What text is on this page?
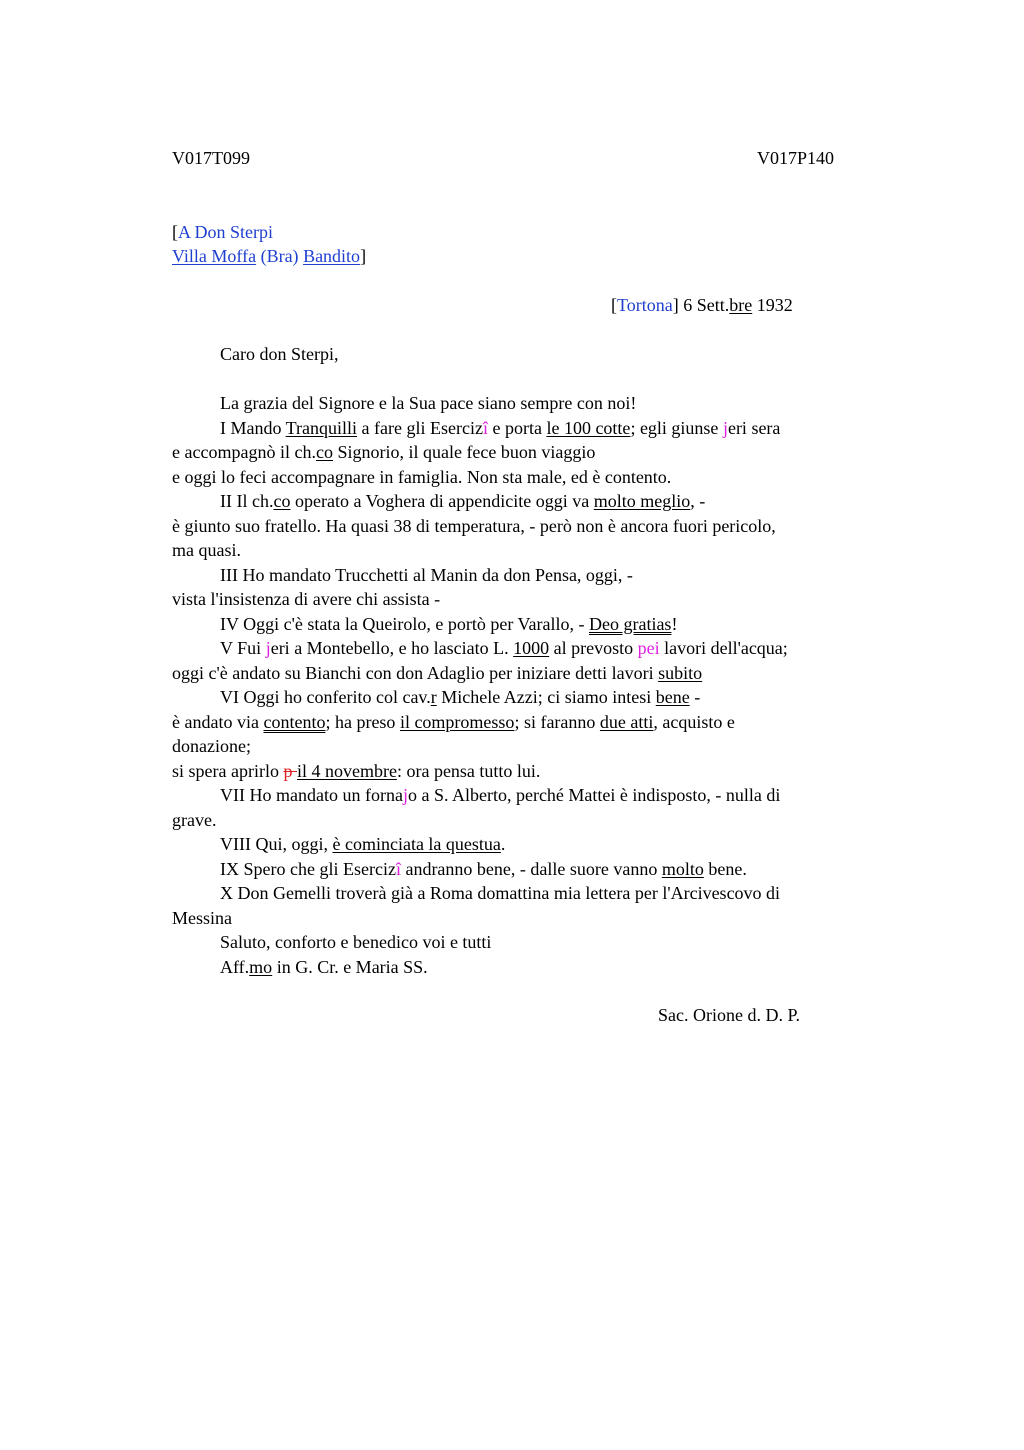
V017T099	V017P140
[A Don Sterpi
Villa Moffa (Bra) Bandito]
[Tortona] 6 Sett.bre 1932
Caro don Sterpi,
La grazia del Signore e la Sua pace siano sempre con noi!
I Mando Tranquilli a fare gli Esercizî e porta le 100 cotte; egli giunse jeri sera
e accompagnò il ch.co Signorio, il quale fece buon viaggio
e oggi lo feci accompagnare in famiglia. Non sta male, ed è contento.
II Il ch.co operato a Voghera di appendicite oggi va molto meglio, -
è giunto suo fratello. Ha quasi 38 di temperatura, - però non è ancora fuori pericolo,
ma quasi.
III Ho mandato Trucchetti al Manin da don Pensa, oggi, -
vista l'insistenza di avere chi assista -
IV Oggi c'è stata la Queirolo, e portò per Varallo, - Deo gratias!
V Fui jeri a Montebello, e ho lasciato L. 1000 al prevosto pei lavori dell'acqua;
oggi c'è andato su Bianchi con don Adaglio per iniziare detti lavori subito
VI Oggi ho conferito col cav.r Michele Azzi; ci siamo intesi bene -
è andato via contento; ha preso il compromesso; si faranno due atti, acquisto e
donazione;
si spera aprirlo p il 4 novembre: ora pensa tutto lui.
VII Ho mandato un fornajo a S. Alberto, perché Mattei è indisposto, - nulla di
grave.
VIII Qui, oggi, è cominciata la questua.
IX Spero che gli Esercizî andranno bene, - dalle suore vanno molto bene.
X Don Gemelli troverà già a Roma domattina mia lettera per l'Arcivescovo di
Messina
Saluto, conforto e benedico voi e tutti
Aff.mo in G. Cr. e Maria SS.
Sac. Orione d. D. P.
